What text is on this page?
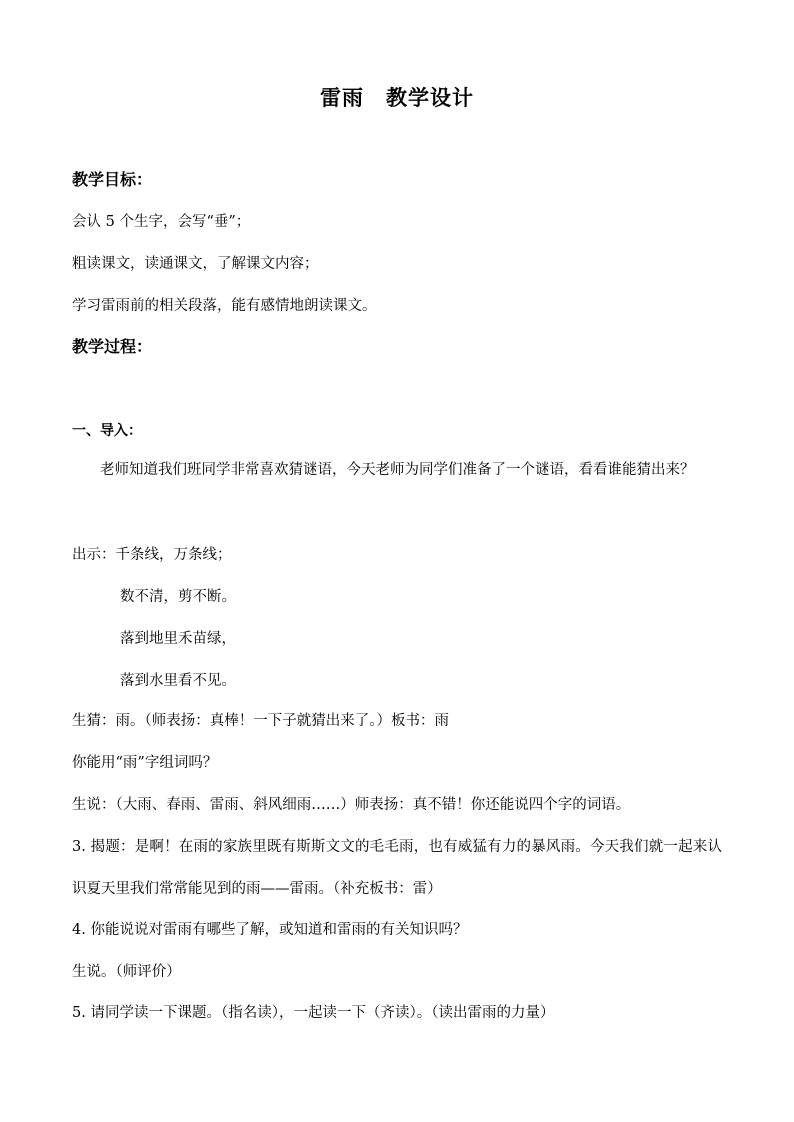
雷雨　教学设计
教学目标：
会认 5 个生字，会写“垂”；
粗读课文，读通课文，了解课文内容；
学习雷雨前的相关段落，能有感情地朗读课文。
教学过程：
一、导入：
老师知道我们班同学非常喜欢猜谜语，今天老师为同学们准备了一个谜语，看看谁能猜出来？
出示：千条线，万条线；
数不清，剪不断。
落到地里禾苗绿，
落到水里看不见。
生猜：雨。（师表扬：真棒！一下子就猜出来了。）板书：雨
你能用“雨”字组词吗？
生说：（大雨、春雨、雷雨、斜风细雨……）师表扬：真不错！你还能说四个字的词语。
3. 揭题：是啊！在雨的家族里既有斯斯文文的毛毛雨，也有威猛有力的暴风雨。今天我们就一起来认识夏天里我们常常能见到的雨——雷雨。（补充板书：雷）
4. 你能说说对雷雨有哪些了解，或知道和雷雨的有关知识吗？
生说。（师评价）
5. 请同学读一下课题。（指名读），一起读一下（齐读）。（读出雷雨的力量）
